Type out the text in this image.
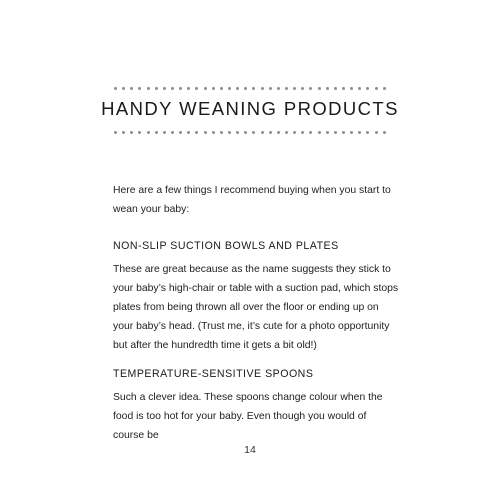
HANDY WEANING PRODUCTS

Here are a few things I recommend buying when you start to wean your baby:

NON-SLIP SUCTION BOWLS AND PLATES

These are great because as the name suggests they stick to your baby’s high-chair or table with a suction pad, which stops plates from being thrown all over the floor or ending up on your baby’s head. (Trust me, it’s cute for a photo opportunity but after the hundredth time it gets a bit old!)

TEMPERATURE-SENSITIVE SPOONS

Such a clever idea. These spoons change colour when the food is too hot for your baby. Even though you would of course be

14
